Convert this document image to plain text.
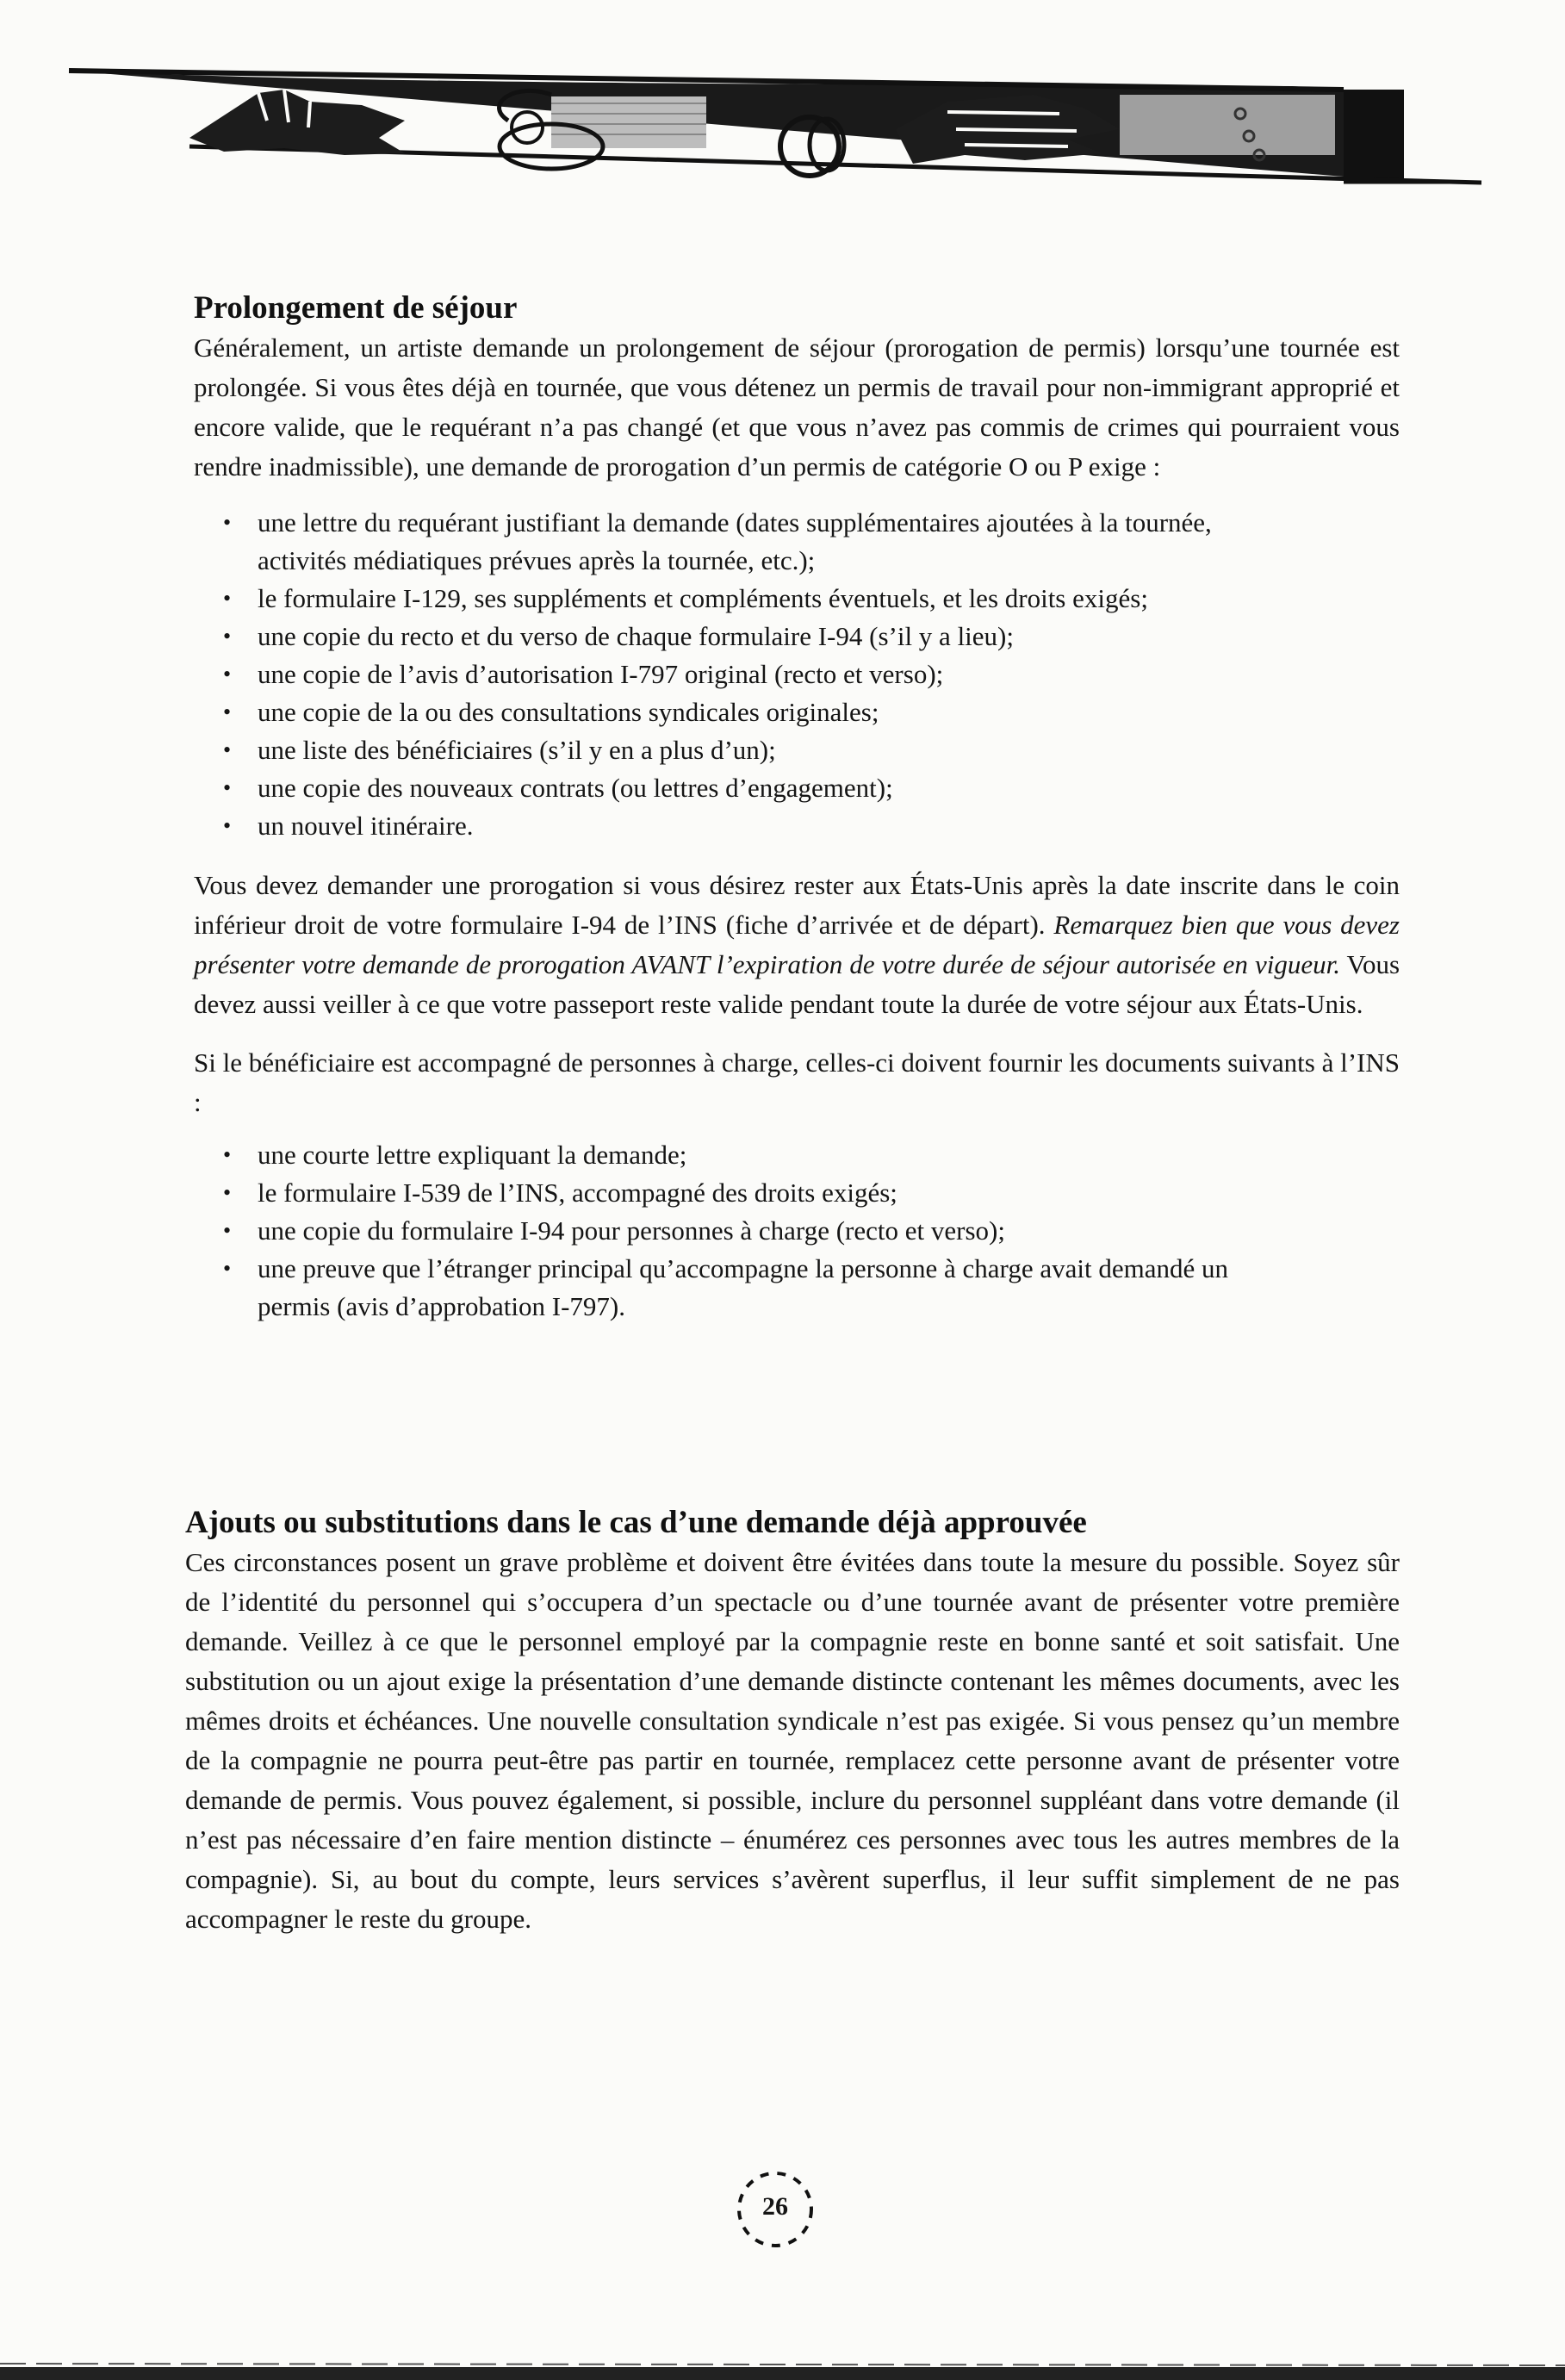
Prolongement de séjour

Généralement, un artiste demande un prolongement de séjour (prorogation de permis) lorsqu’une tournée est prolongée. Si vous êtes déjà en tournée, que vous détenez un permis de travail pour non-immigrant approprié et encore valide, que le requérant n’a pas changé (et que vous n’avez pas commis de crimes qui pourraient vous rendre inadmissible), une demande de prorogation d’un permis de catégorie O ou P exige :

• une lettre du requérant justifiant la demande (dates supplémentaires ajoutées à la tournée, activités médiatiques prévues après la tournée, etc.);
• le formulaire I-129, ses suppléments et compléments éventuels, et les droits exigés;
• une copie du recto et du verso de chaque formulaire I-94 (s’il y a lieu);
• une copie de l’avis d’autorisation I-797 original (recto et verso);
• une copie de la ou des consultations syndicales originales;
• une liste des bénéficiaires (s’il y en a plus d’un);
• une copie des nouveaux contrats (ou lettres d’engagement);
• un nouvel itinéraire.

Vous devez demander une prorogation si vous désirez rester aux États-Unis après la date inscrite dans le coin inférieur droit de votre formulaire I-94 de l’INS (fiche d’arrivée et de départ). Remarquez bien que vous devez présenter votre demande de prorogation AVANT l’expiration de votre durée de séjour autorisée en vigueur. Vous devez aussi veiller à ce que votre passeport reste valide pendant toute la durée de votre séjour aux États-Unis.

Si le bénéficiaire est accompagné de personnes à charge, celles-ci doivent fournir les documents suivants à l’INS :

• une courte lettre expliquant la demande;
• le formulaire I-539 de l’INS, accompagné des droits exigés;
• une copie du formulaire I-94 pour personnes à charge (recto et verso);
• une preuve que l’étranger principal qu’accompagne la personne à charge avait demandé un permis (avis d’approbation I-797).
Ajouts ou substitutions dans le cas d’une demande déjà approuvée

Ces circonstances posent un grave problème et doivent être évitées dans toute la mesure du possible. Soyez sûr de l’identité du personnel qui s’occupera d’un spectacle ou d’une tournée avant de présenter votre première demande. Veillez à ce que le personnel employé par la compagnie reste en bonne santé et soit satisfait. Une substitution ou un ajout exige la présentation d’une demande distincte contenant les mêmes documents, avec les mêmes droits et échéances. Une nouvelle consultation syndicale n’est pas exigée. Si vous pensez qu’un membre de la compagnie ne pourra peut-être pas partir en tournée, remplacez cette personne avant de présenter votre demande de permis. Vous pouvez également, si possible, inclure du personnel suppléant dans votre demande (il n’est pas nécessaire d’en faire mention distincte – énumérez ces personnes avec tous les autres membres de la compagnie). Si, au bout du compte, leurs services s’avèrent superflus, il leur suffit simplement de ne pas accompagner le reste du groupe.

26
